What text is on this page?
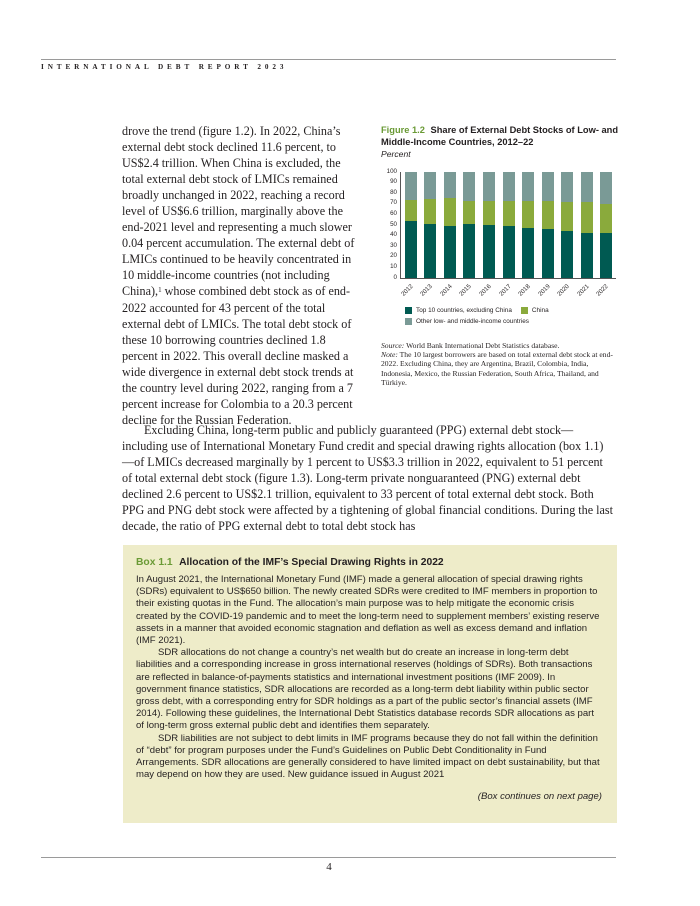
INTERNATIONAL DEBT REPORT 2023
drove the trend (figure 1.2). In 2022, China’s external debt stock declined 11.6 percent, to US$2.4 trillion. When China is excluded, the total external debt stock of LMICs remained broadly unchanged in 2022, reaching a record level of US$6.6 trillion, marginally above the end-2021 level and representing a much slower 0.04 percent accumulation. The external debt of LMICs continued to be heavily concentrated in 10 middle-income countries (not including China),$^1$ whose combined debt stock as of end-2022 accounted for 43 percent of the total external debt of LMICs. The total debt stock of these 10 borrowing countries declined 1.8 percent in 2022. This overall decline masked a wide divergence in external debt stock trends at the country level during 2022, ranging from a 7 percent increase for Colombia to a 20.3 percent decline for the Russian Federation.
Figure 1.2 Share of External Debt Stocks of Low- and Middle-Income Countries, 2012–22
Percent
0
10
20
30
40
50
60
70
80
90
100
2012 2013 2014 2015 2016 2017 2018 2019 2020 2021 2022
Top 10 countries, excluding China	China
Other low- and middle-income countries
Source: World Bank International Debt Statistics database.
Note: The 10 largest borrowers are based on total external debt stock at end-2022. Excluding China, they are Argentina, Brazil, Colombia, India, Indonesia, Mexico, the Russian Federation, South Africa, Thailand, and Türkiye.
Excluding China, long-term public and publicly guaranteed (PPG) external debt stock—including use of International Monetary Fund credit and special drawing rights allocation (box 1.1)—of LMICs decreased marginally by 1 percent to US$3.3 trillion in 2022, equivalent to 51 percent of total external debt stock (figure 1.3). Long-term private nonguaranteed (PNG) external debt declined 2.6 percent to US$2.1 trillion, equivalent to 33 percent of total external debt stock. Both PPG and PNG debt stock were affected by a tightening of global financial conditions. During the last decade, the ratio of PPG external debt to total debt stock has
Box 1.1 Allocation of the IMF’s Special Drawing Rights in 2022

In August 2021, the International Monetary Fund (IMF) made a general allocation of special drawing rights (SDRs) equivalent to US$650 billion. The newly created SDRs were credited to IMF members in proportion to their existing quotas in the Fund. The allocation’s main purpose was to help mitigate the economic crisis created by the COVID-19 pandemic and to meet the long-term need to supplement members’ existing reserve assets in a manner that avoided economic stagnation and deflation as well as excess demand and inflation (IMF 2021).

SDR allocations do not change a country’s net wealth but do create an increase in long-term debt liabilities and a corresponding increase in gross international reserves (holdings of SDRs). Both transactions are reflected in balance-of-payments statistics and international investment positions (IMF 2009). In government finance statistics, SDR allocations are recorded as a long-term debt liability within public sector gross debt, with a corresponding entry for SDR holdings as a part of the public sector’s financial assets (IMF 2014). Following these guidelines, the International Debt Statistics database records SDR allocations as part of long-term gross external public debt and identifies them separately.

SDR liabilities are not subject to debt limits in IMF programs because they do not fall within the definition of “debt” for program purposes under the Fund’s Guidelines on Public Debt Conditionality in Fund Arrangements. SDR allocations are generally considered to have limited impact on debt sustainability, but that may depend on how they are used. New guidance issued in August 2021

(Box continues on next page)
4
